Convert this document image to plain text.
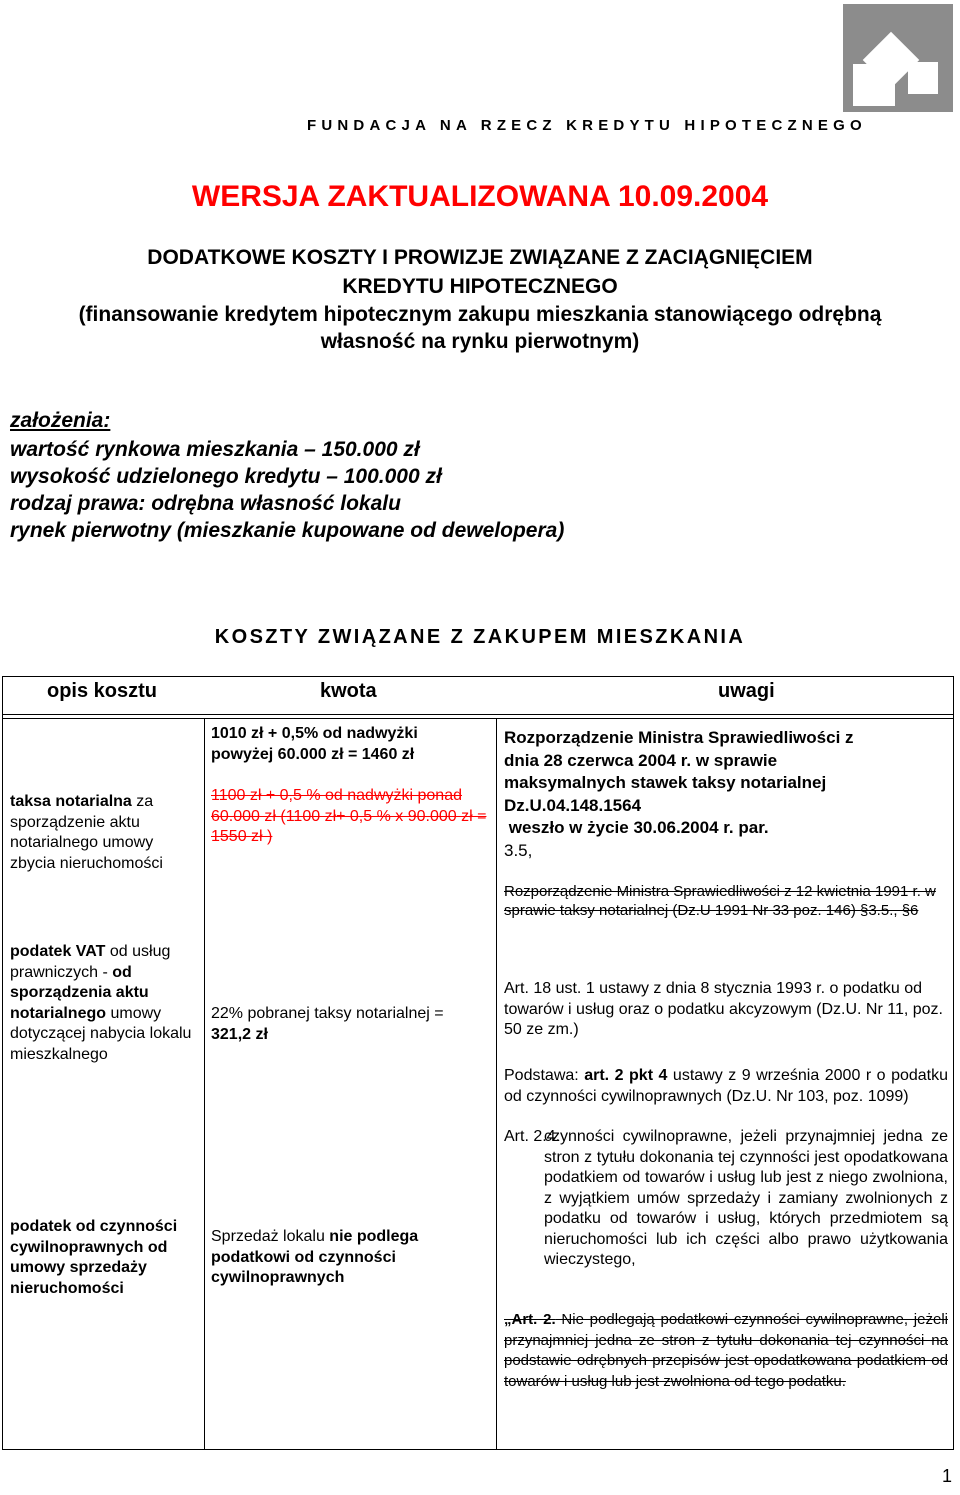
FUNDACJA NA RZECZ KREDYTU HIPOTECZNEGO
WERSJA ZAKTUALIZOWANA 10.09.2004
DODATKOWE KOSZTY I PROWIZJE ZWIĄZANE Z ZACIĄGNIĘCIEM
KREDYTU HIPOTECZNEGO
(finansowanie kredytem hipotecznym zakupu mieszkania stanowiącego odrębną
własność na rynku pierwotnym)
założenia:
wartość rynkowa mieszkania – 150.000 zł
wysokość udzielonego kredytu – 100.000 zł
rodzaj prawa: odrębna własność lokalu
rynek pierwotny (mieszkanie kupowane od dewelopera)
KOSZTY ZWIĄZANE Z ZAKUPEM MIESZKANIA
opis kosztu	kwota	uwagi
taksa notarialna za
sporządzenie aktu notarialnego umowy zbycia nieruchomości
1010 zł + 0,5% od nadwyżki
powyżej 60.000 zł = 1460 zł
1100 zł + 0,5 % od nadwyżki ponad 60.000 zł (1100 zł+ 0,5 % x 90.000 zł = 1550 zł )
Rozporządzenie Ministra Sprawiedliwości z
dnia 28 czerwca 2004 r. w sprawie
maksymalnych stawek taksy notarialnej
Dz.U.04.148.1564
weszło w życie 30.06.2004 r. par.
3.5,
Rozporządzenie Ministra Sprawiedliwości z 12 kwietnia 1991 r. w sprawie taksy notarialnej (Dz.U 1991 Nr 33 poz. 146) §3.5., §6
podatek VAT od usług prawniczych - od sporządzenia aktu notarialnego umowy dotyczącej nabycia lokalu mieszkalnego
22% pobranej taksy notarialnej =
321,2 zł
Art. 18 ust. 1 ustawy z dnia 8 stycznia 1993 r. o podatku od towarów i usług oraz o podatku akcyzowym (Dz.U. Nr 11, poz. 50 ze zm.)
podatek od czynności cywilnoprawnych od umowy sprzedaży nieruchomości
Sprzedaż lokalu nie podlega podatkowi od czynności cywilnoprawnych
Podstawa: art. 2 pkt 4 ustawy z 9 września 2000 r o podatku od czynności cywilnoprawnych (Dz.U. Nr 103, poz. 1099)
Art. 2.4.
czynności cywilnoprawne, jeżeli przynajmniej jedna ze stron z tytułu dokonania tej czynności jest opodatkowana podatkiem od towarów i usług lub jest z niego zwolniona, z wyjątkiem umów sprzedaży i zamiany zwolnionych z podatku od towarów i usług, których przedmiotem są nieruchomości lub ich części albo prawo użytkowania wieczystego,
„Art. 2. Nie podlegają podatkowi czynności cywilnoprawne, jeżeli przynajmniej jedna ze stron z tytułu dokonania tej czynności na podstawie odrębnych przepisów jest opodatkowana podatkiem od towarów i usług lub jest zwolniona od tego podatku.
1
